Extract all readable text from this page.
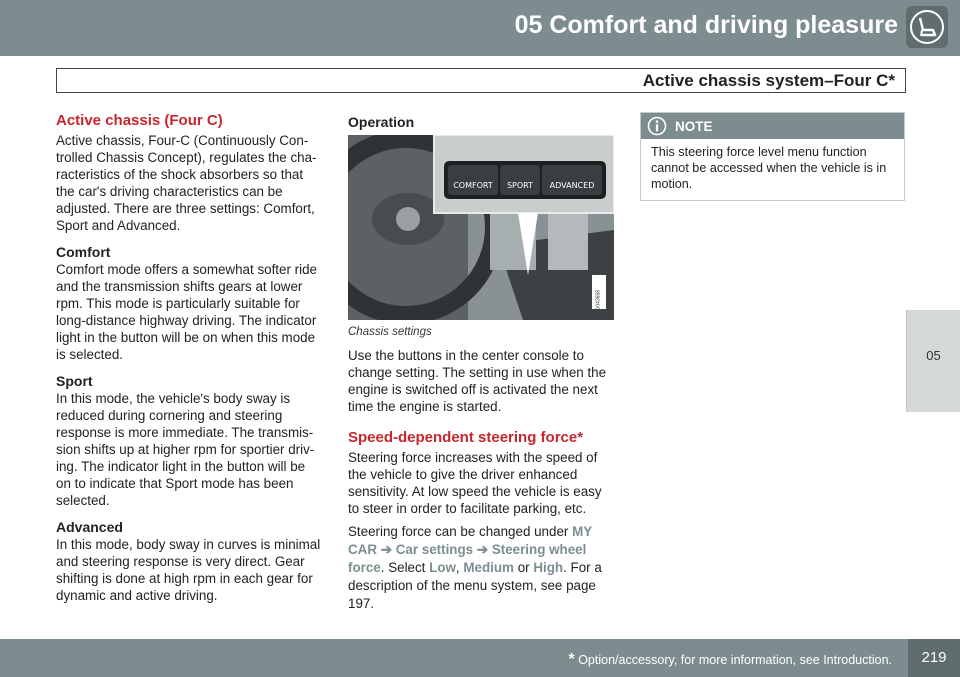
05 Comfort and driving pleasure
Active chassis system–Four C*
05
Active chassis (Four C)

Active chassis, Four-C (Continuously Con-trolled Chassis Concept), regulates the cha-racteristics of the shock absorbers so that the car's driving characteristics can be adjusted. There are three settings: Comfort, Sport and Advanced.

Comfort

Comfort mode offers a somewhat softer ride and the transmission shifts gears at lower rpm. This mode is particularly suitable for long-distance highway driving. The indicator light in the button will be on when this mode is selected.

Sport

In this mode, the vehicle's body sway is reduced during cornering and steering response is more immediate. The transmis-sion shifts up at higher rpm for sportier driv-ing. The indicator light in the button will be on to indicate that Sport mode has been selected.

Advanced

In this mode, body sway in curves is minimal and steering response is very direct. Gear shifting is done at high rpm in each gear for dynamic and active driving.

Operation
COMFORT	SPORT	ADVANCED
G043658
Chassis settings

Use the buttons in the center console to change setting. The setting in use when the engine is switched off is activated the next time the engine is started.

Speed-dependent steering force*

Steering force increases with the speed of the vehicle to give the driver enhanced sensitivity. At low speed the vehicle is easy to steer in order to facilitate parking, etc.

Steering force can be changed under MY CAR ➔ Car settings ➔ Steering wheel force. Select Low, Medium or High. For a description of the menu system, see page 197.

NOTE
This steering force level menu function cannot be accessed when the vehicle is in motion.
* Option/accessory, for more information, see Introduction.	219
